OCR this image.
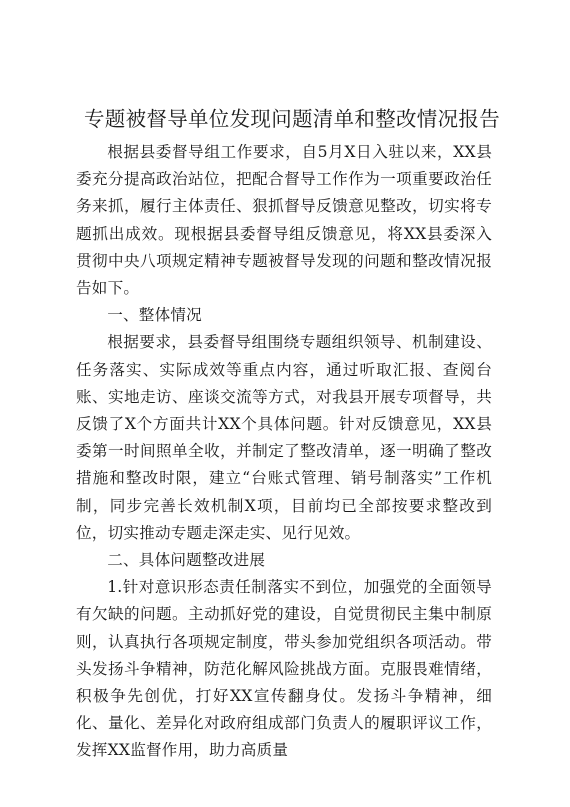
专题被督导单位发现问题清单和整改情况报告

根据县委督导组工作要求，自5月X日入驻以来，XX县委充分提高政治站位，把配合督导工作作为一项重要政治任务来抓，履行主体责任、狠抓督导反馈意见整改，切实将专题抓出成效。现根据县委督导组反馈意见，将XX县委深入贯彻中央八项规定精神专题被督导发现的问题和整改情况报告如下。

一、整体情况

根据要求，县委督导组围绕专题组织领导、机制建设、任务落实、实际成效等重点内容，通过听取汇报、查阅台账、实地走访、座谈交流等方式，对我县开展专项督导，共反馈了X个方面共计XX个具体问题。针对反馈意见，XX县委第一时间照单全收，并制定了整改清单，逐一明确了整改措施和整改时限，建立“台账式管理、销号制落实”工作机制，同步完善长效机制X项，目前均已全部按要求整改到位，切实推动专题走深走实、见行见效。

二、具体问题整改进展

1.针对意识形态责任制落实不到位，加强党的全面领导有欠缺的问题。主动抓好党的建设，自觉贯彻民主集中制原则，认真执行各项规定制度，带头参加党组织各项活动。带头发扬斗争精神，防范化解风险挑战方面。克服畏难情绪，积极争先创优，打好XX宣传翻身仗。发扬斗争精神，细化、量化、差异化对政府组成部门负责人的履职评议工作，发挥XX监督作用，助力高质量
